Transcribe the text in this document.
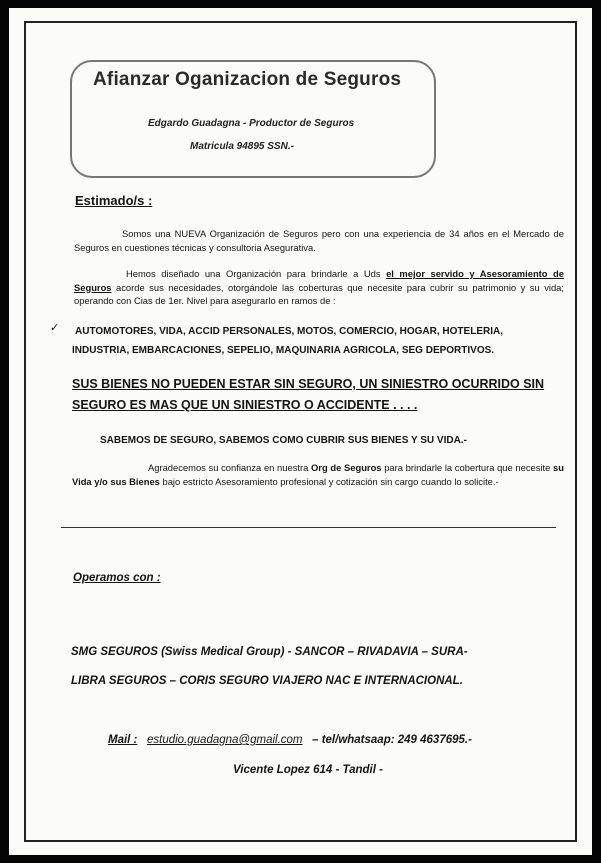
Afianzar Oganizacion de Seguros
Edgardo Guadagna - Productor de Seguros
Matricula 94895 SSN.-
Estimado/s :
Somos una NUEVA Organización de Seguros pero con una experiencia de 34 años en el Mercado de Seguros en cuestiones técnicas y consultoria Asegurativa.
Hemos diseñado una Organización para brindarle a Uds el mejor servido y Asesoramiento de Seguros acorde sus necesidades, otorgándole las coberturas que necesite para cubrir su patrimonio y su vida; operando con Cias de 1er. Nivel para asegurarlo en ramos de :
✓ AUTOMOTORES, VIDA, ACCID PERSONALES, MOTOS, COMERCIO, HOGAR, HOTELERIA,
INDUSTRIA, EMBARCACIONES, SEPELIO, MAQUINARIA AGRICOLA, SEG DEPORTIVOS.
SUS BIENES NO PUEDEN ESTAR SIN SEGURO, UN SINIESTRO OCURRIDO SIN
SEGURO ES MAS QUE UN SINIESTRO O ACCIDENTE . . . .
SABEMOS DE SEGURO, SABEMOS COMO CUBRIR SUS BIENES Y SU VIDA.-
Agradecemos su confianza en nuestra Org de Seguros para brindarle la cobertura que necesite su Vida y/o sus Bienes bajo estricto Asesoramiento profesional y cotización sin cargo cuando lo solicite.-
Operamos con :
SMG SEGUROS (Swiss Medical Group) - SANCOR – RIVADAVIA – SURA-
LIBRA SEGUROS – CORIS SEGURO VIAJERO NAC E INTERNACIONAL.
Mail : estudio.guadagna@gmail.com – tel/whatsaap: 249 4637695.-
Vicente Lopez 614 - Tandil -
